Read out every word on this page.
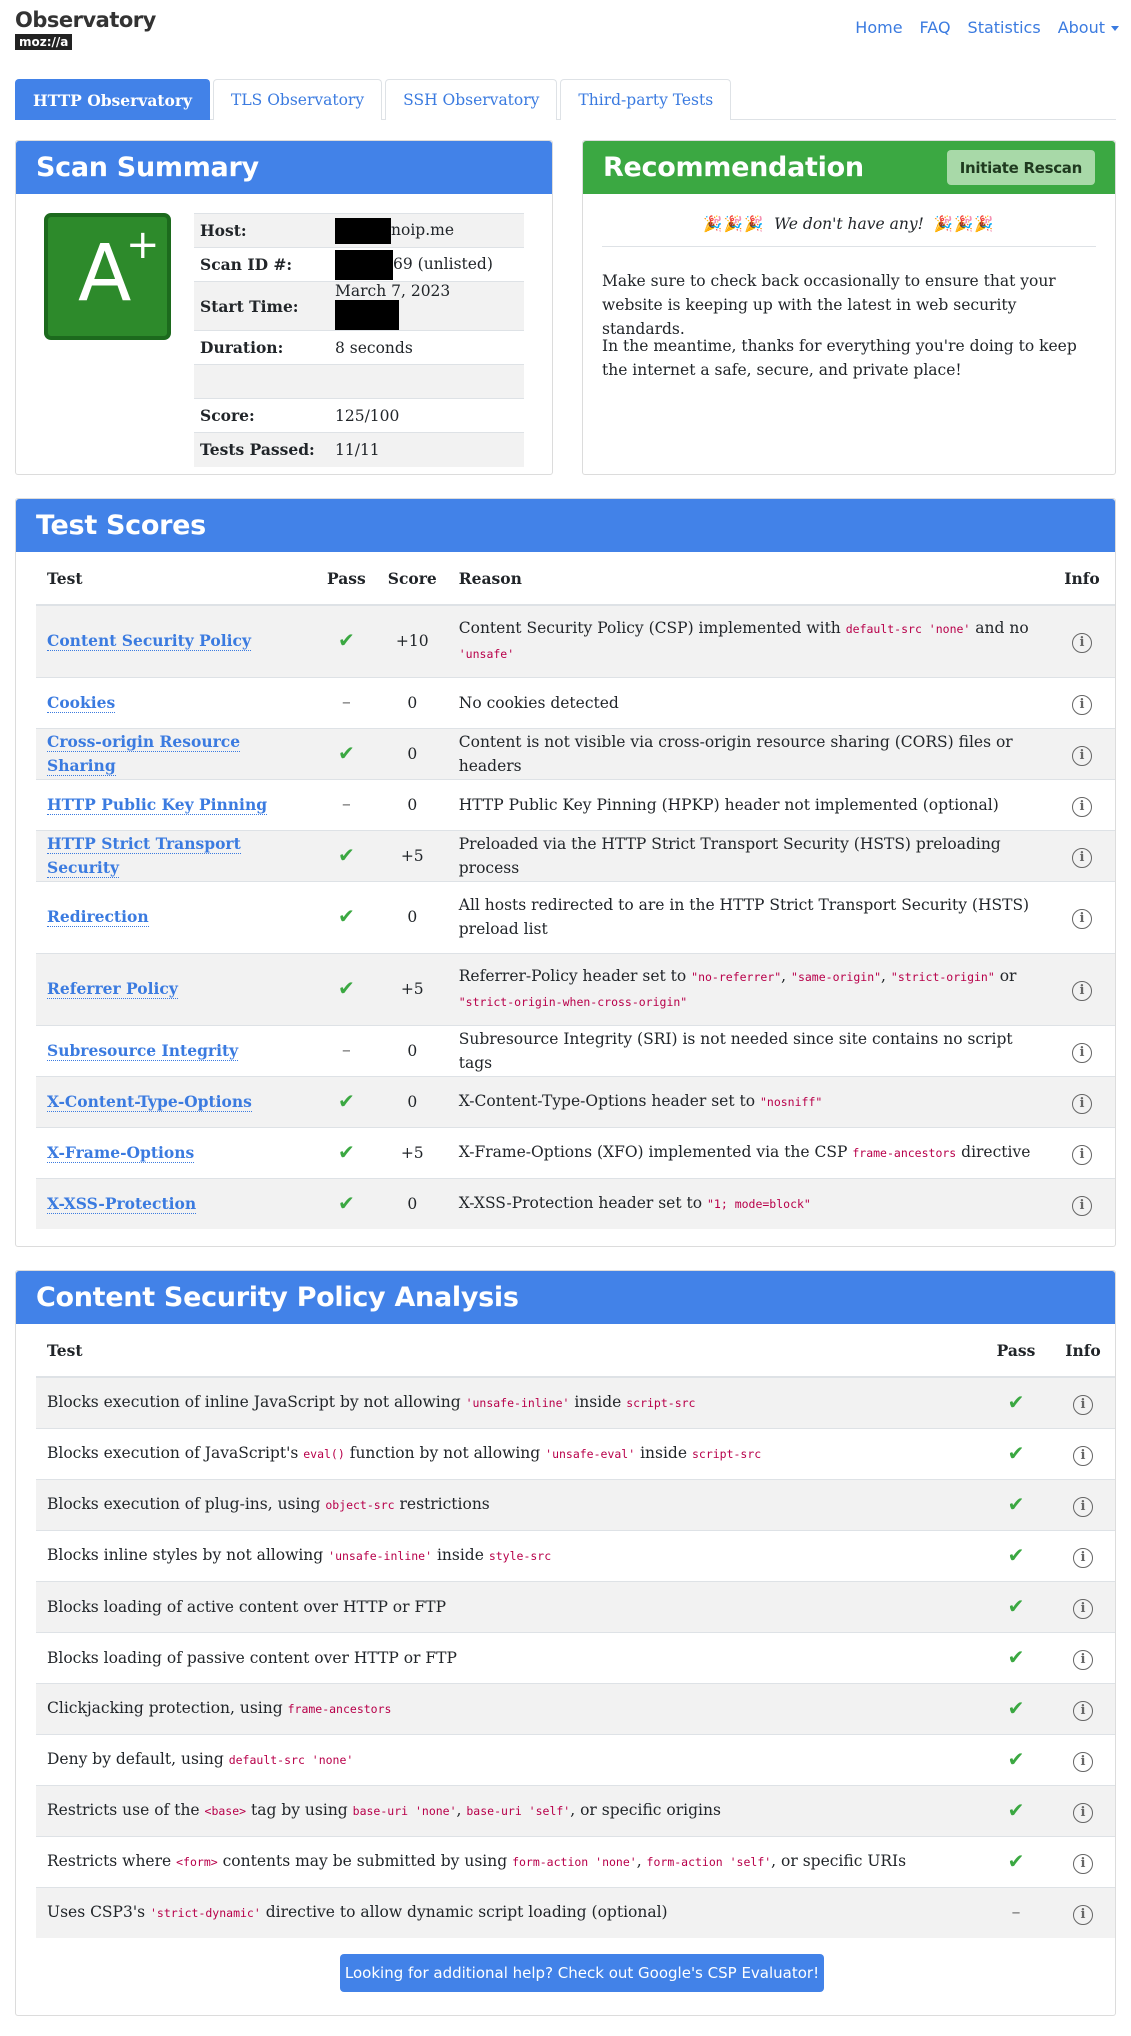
Observatory
moz://a
Home FAQ Statistics About
HTTP Observatory	TLS Observatory	SSH Observatory	Third-party Tests
Scan Summary
A
+	Host:	noip.me
Scan ID #:	69 (unlisted)
Start Time:	March 7, 2023
Duration:	8 seconds

Score:	125/100
Tests Passed:	11/11
Recommendation	Initiate Rescan
🎉🎉🎉 We don't have any! 🎉🎉🎉

Make sure to check back occasionally to ensure that your website is keeping up with the latest in web security standards.

In the meantime, thanks for everything you're doing to keep the internet a safe, secure, and private place!

Test Scores
Test	Pass	Score	Reason	Info
Content Security Policy	✔	+10	Content Security Policy (CSP) implemented with default-src 'none' and no 'unsafe'	i
Cookies	–	0	No cookies detected	i
Cross-origin Resource Sharing	✔	0	Content is not visible via cross-origin resource sharing (CORS) files or headers	i
HTTP Public Key Pinning	–	0	HTTP Public Key Pinning (HPKP) header not implemented (optional)	i
HTTP Strict Transport Security	✔	+5	Preloaded via the HTTP Strict Transport Security (HSTS) preloading process	i
Redirection	✔	0	All hosts redirected to are in the HTTP Strict Transport Security (HSTS) preload list	i
Referrer Policy	✔	+5	Referrer-Policy header set to "no-referrer", "same-origin", "strict-origin" or "strict-origin-when-cross-origin"	i
Subresource Integrity	–	0	Subresource Integrity (SRI) is not needed since site contains no script tags	i
X-Content-Type-Options	✔	0	X-Content-Type-Options header set to "nosniff"	i
X-Frame-Options	✔	+5	X-Frame-Options (XFO) implemented via the CSP frame-ancestors directive	i
X-XSS-Protection	✔	0	X-XSS-Protection header set to "1; mode=block"	i
Content Security Policy Analysis
Test	Pass	Info
Blocks execution of inline JavaScript by not allowing 'unsafe-inline' inside script-src	✔	i
Blocks execution of JavaScript's eval() function by not allowing 'unsafe-eval' inside script-src	✔	i
Blocks execution of plug-ins, using object-src restrictions	✔	i
Blocks inline styles by not allowing 'unsafe-inline' inside style-src	✔	i
Blocks loading of active content over HTTP or FTP	✔	i
Blocks loading of passive content over HTTP or FTP	✔	i
Clickjacking protection, using frame-ancestors	✔	i
Deny by default, using default-src 'none'	✔	i
Restricts use of the <base> tag by using base-uri 'none', base-uri 'self', or specific origins	✔	i
Restricts where <form> contents may be submitted by using form-action 'none', form-action 'self', or specific URIs	✔	i
Uses CSP3's 'strict-dynamic' directive to allow dynamic script loading (optional)	–	i
Looking for additional help? Check out Google's CSP Evaluator!
